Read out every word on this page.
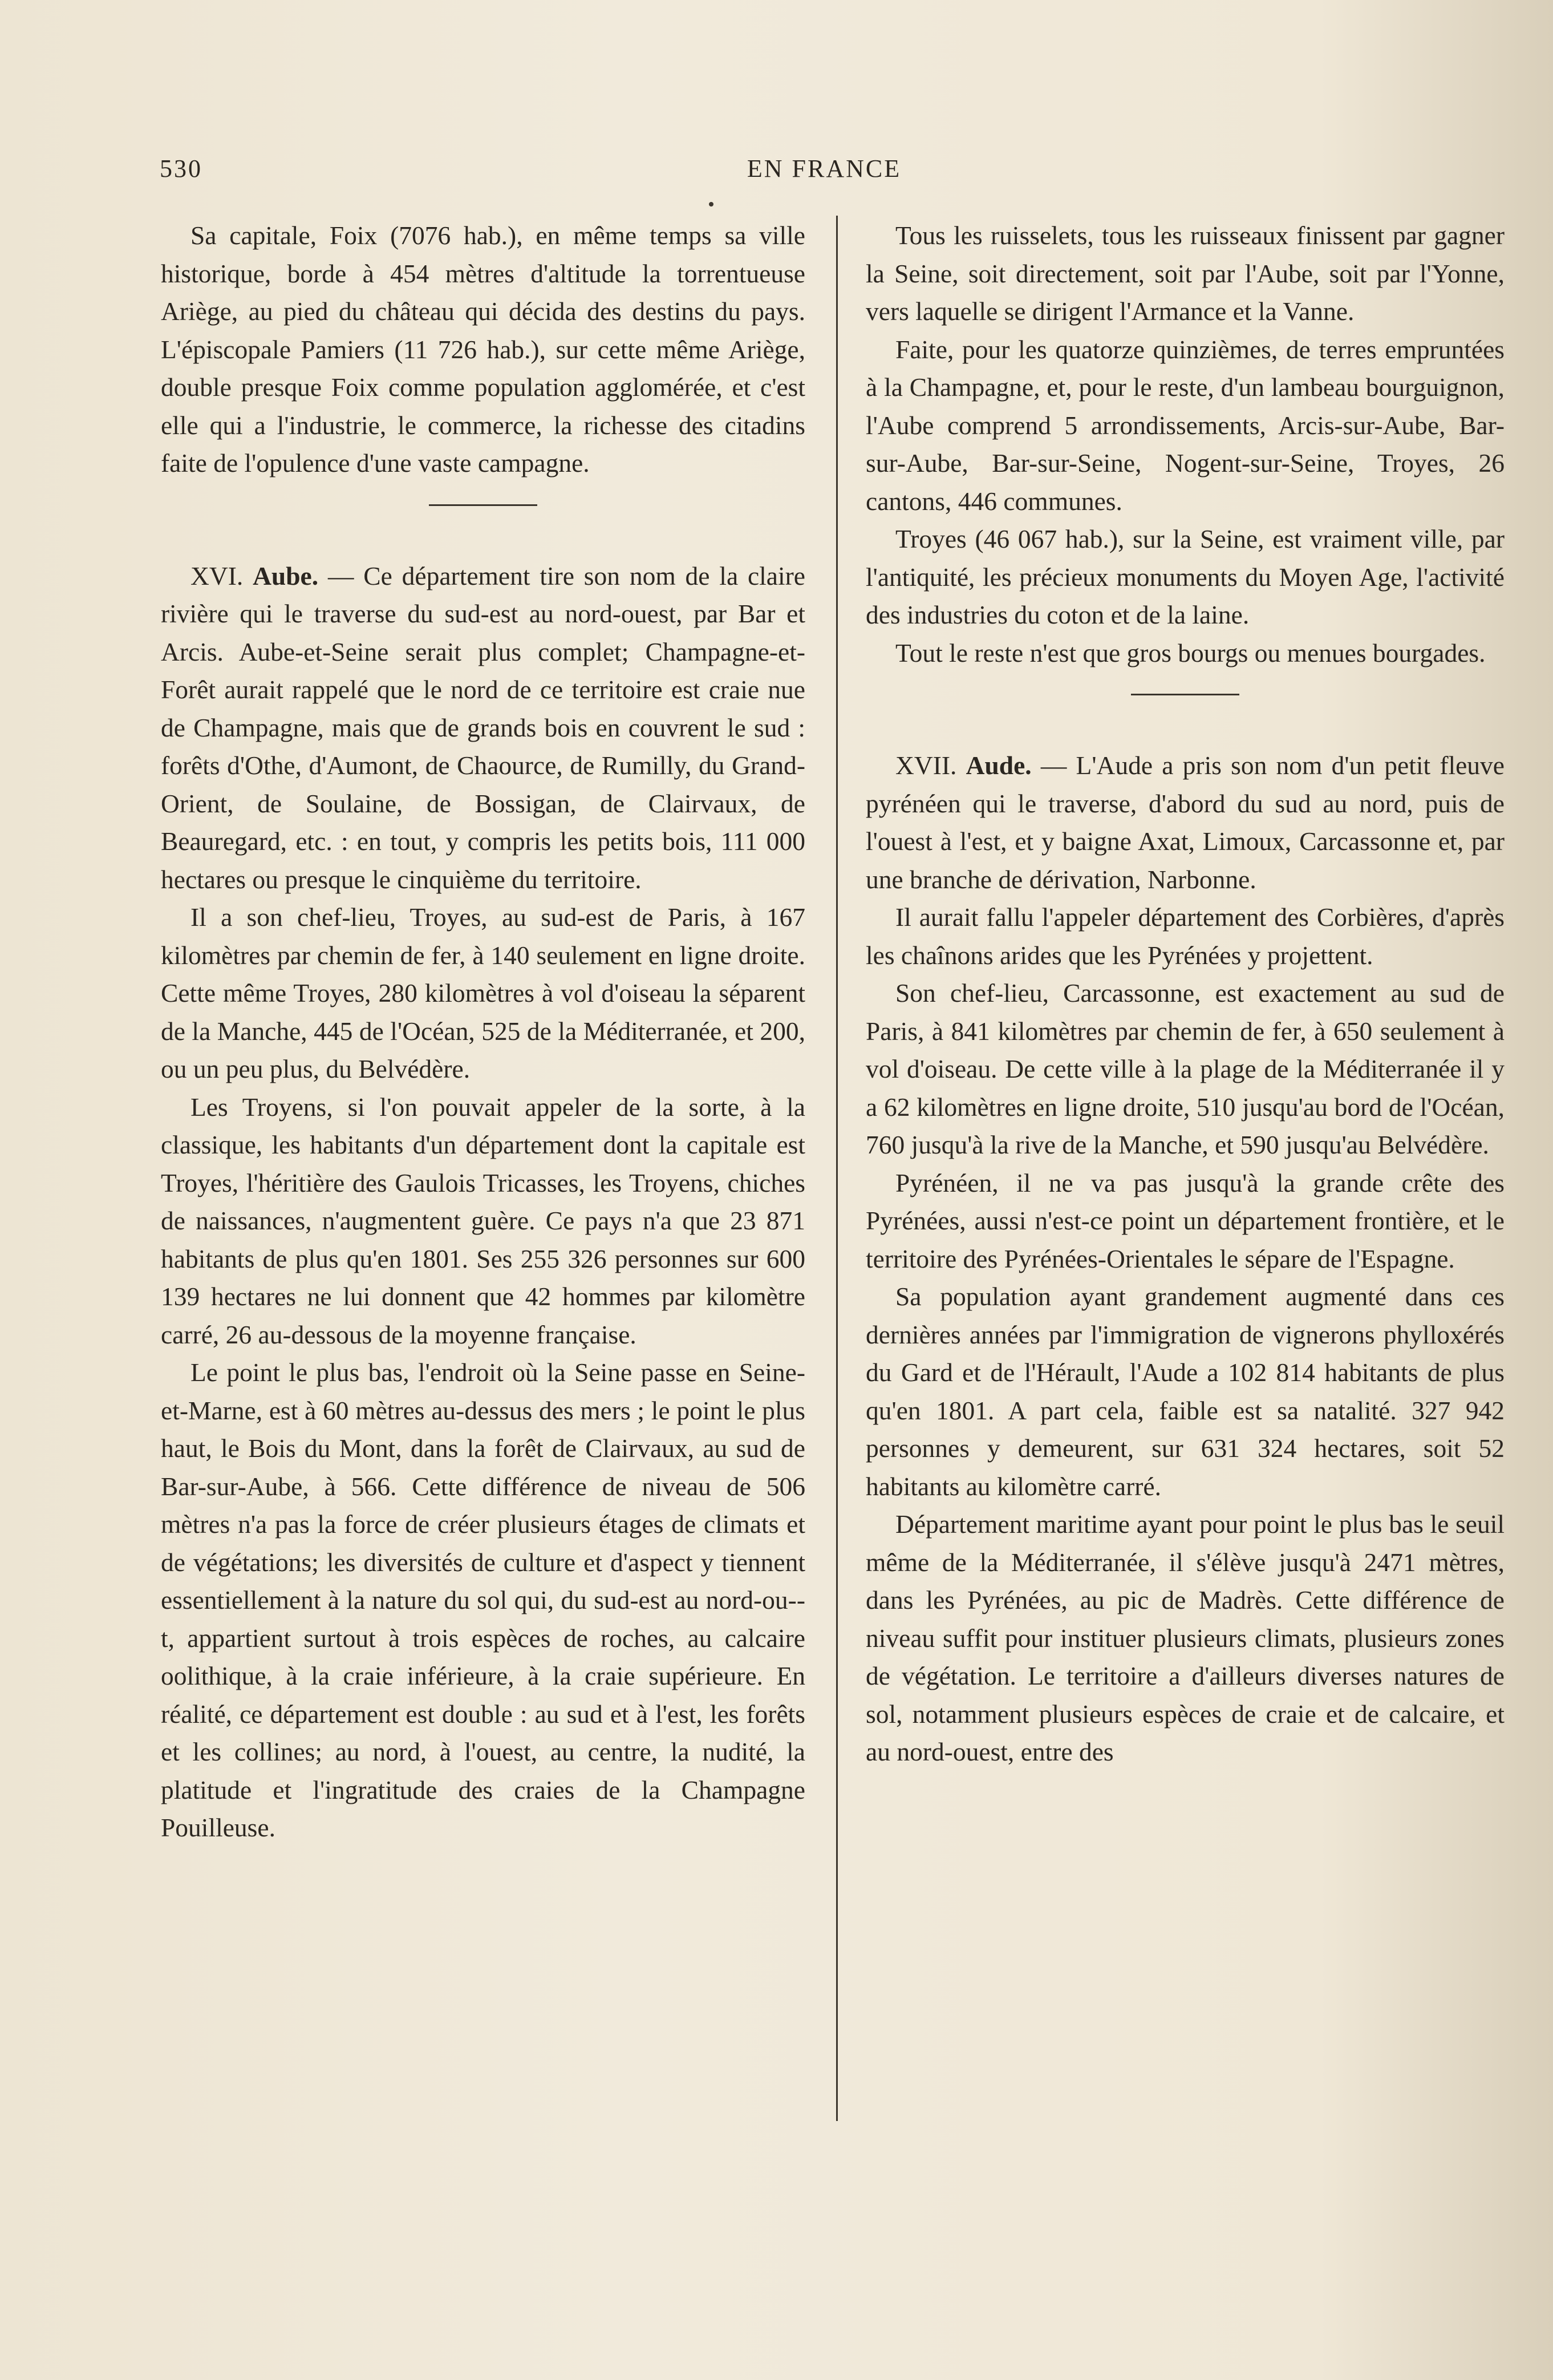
530	EN FRANCE

Sa capitale, Foix (7076 hab.), en même temps sa ville historique, borde à 454 mètres d'altitude la torrentueuse Ariège, au pied du château qui décida des destins du pays. L'épiscopale Pamiers (11 726 hab.), sur cette même Ariège, double presque Foix comme population agglomérée, et c'est elle qui a l'industrie, le commerce, la richesse des citadins faite de l'opulence d'une vaste campagne.

XVI. Aube. — Ce département tire son nom de la claire rivière qui le traverse du sud-est au nord-ouest, par Bar et Arcis. Aube-et-Seine serait plus complet; Champagne-et-Forêt aurait rappelé que le nord de ce territoire est craie nue de Champagne, mais que de grands bois en couvrent le sud : forêts d'Othe, d'Aumont, de Chaource, de Rumilly, du Grand-Orient, de Soulaine, de Bossigan, de Clairvaux, de Beauregard, etc. : en tout, y compris les petits bois, 111 000 hectares ou presque le cinquième du territoire.

Il a son chef-lieu, Troyes, au sud-est de Paris, à 167 kilomètres par chemin de fer, à 140 seulement en ligne droite. Cette même Troyes, 280 kilomètres à vol d'oiseau la séparent de la Manche, 445 de l'Océan, 525 de la Méditerranée, et 200, ou un peu plus, du Belvédère.

Les Troyens, si l'on pouvait appeler de la sorte, à la classique, les habitants d'un département dont la capitale est Troyes, l'héritière des Gaulois Tricasses, les Troyens, chiches de naissances, n'augmentent guère. Ce pays n'a que 23 871 habitants de plus qu'en 1801. Ses 255 326 personnes sur 600 139 hectares ne lui donnent que 42 hommes par kilomètre carré, 26 au-dessous de la moyenne française.

Le point le plus bas, l'endroit où la Seine passe en Seine-et-Marne, est à 60 mètres au-dessus des mers ; le point le plus haut, le Bois du Mont, dans la forêt de Clairvaux, au sud de Bar-sur-Aube, à 566. Cette différence de niveau de 506 mètres n'a pas la force de créer plusieurs étages de climats et de végétations; les diversités de culture et d'aspect y tiennent essentiellement à la nature du sol qui, du sud-est au nord-ou--t, appartient surtout à trois espèces de roches, au calcaire oolithique, à la craie inférieure, à la craie supérieure. En réalité, ce département est double : au sud et à l'est, les forêts et les collines; au nord, à l'ouest, au centre, la nudité, la platitude et l'ingratitude des craies de la Champagne Pouilleuse.

Tous les ruisselets, tous les ruisseaux finissent par gagner la Seine, soit directement, soit par l'Aube, soit par l'Yonne, vers laquelle se dirigent l'Armance et la Vanne.

Faite, pour les quatorze quinzièmes, de terres empruntées à la Champagne, et, pour le reste, d'un lambeau bourguignon, l'Aube comprend 5 arrondissements, Arcis-sur-Aube, Bar-sur-Aube, Bar-sur-Seine, Nogent-sur-Seine, Troyes, 26 cantons, 446 communes.

Troyes (46 067 hab.), sur la Seine, est vraiment ville, par l'antiquité, les précieux monuments du Moyen Age, l'activité des industries du coton et de la laine.

Tout le reste n'est que gros bourgs ou menues bourgades.

XVII. Aude. — L'Aude a pris son nom d'un petit fleuve pyrénéen qui le traverse, d'abord du sud au nord, puis de l'ouest à l'est, et y baigne Axat, Limoux, Carcassonne et, par une branche de dérivation, Narbonne.

Il aurait fallu l'appeler département des Corbières, d'après les chaînons arides que les Pyrénées y projettent.

Son chef-lieu, Carcassonne, est exactement au sud de Paris, à 841 kilomètres par chemin de fer, à 650 seulement à vol d'oiseau. De cette ville à la plage de la Méditerranée il y a 62 kilomètres en ligne droite, 510 jusqu'au bord de l'Océan, 760 jusqu'à la rive de la Manche, et 590 jusqu'au Belvédère.

Pyrénéen, il ne va pas jusqu'à la grande crête des Pyrénées, aussi n'est-ce point un département frontière, et le territoire des Pyrénées-Orientales le sépare de l'Espagne.

Sa population ayant grandement augmenté dans ces dernières années par l'immigration de vignerons phylloxérés du Gard et de l'Hérault, l'Aude a 102 814 habitants de plus qu'en 1801. A part cela, faible est sa natalité. 327 942 personnes y demeurent, sur 631 324 hectares, soit 52 habitants au kilomètre carré.

Département maritime ayant pour point le plus bas le seuil même de la Méditerranée, il s'élève jusqu'à 2471 mètres, dans les Pyrénées, au pic de Madrès. Cette différence de niveau suffit pour instituer plusieurs climats, plusieurs zones de végétation. Le territoire a d'ailleurs diverses natures de sol, notamment plusieurs espèces de craie et de calcaire, et au nord-ouest, entre des
